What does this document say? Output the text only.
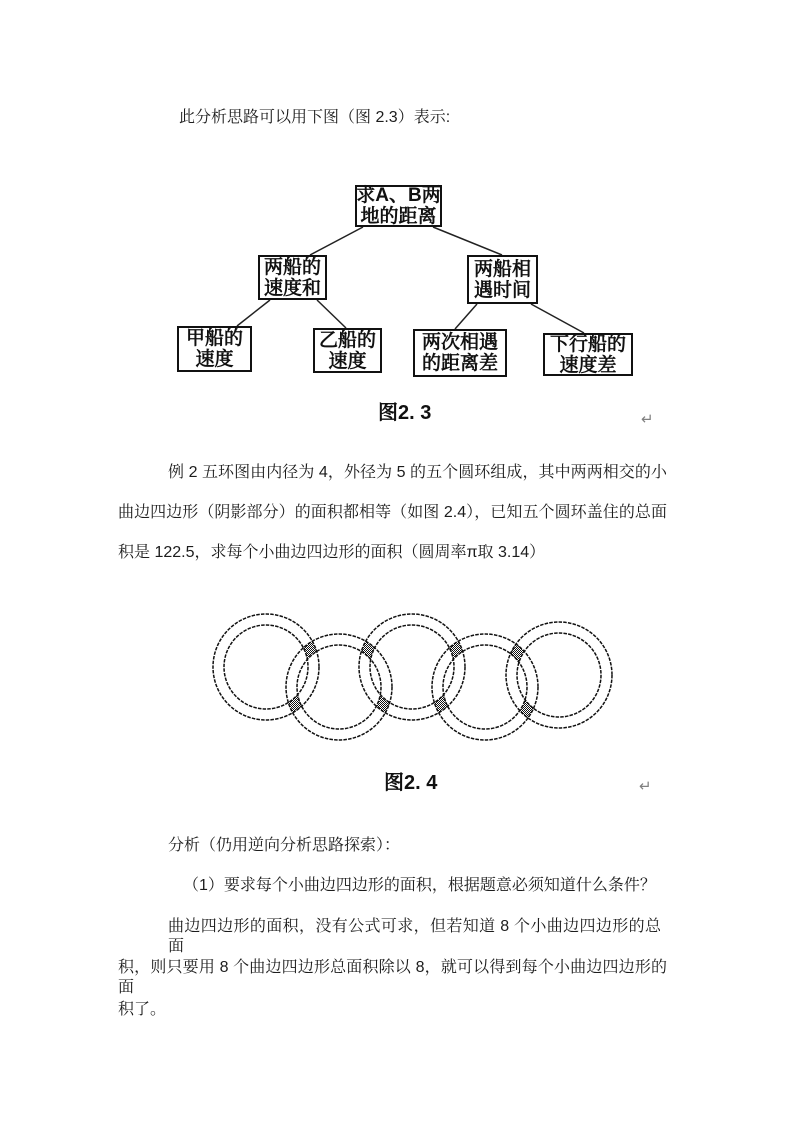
此分析思路可以用下图（图 2.3）表示:
求A、B两
地的距离
两船的
速度和
两船相
遇时间
甲船的
速度
乙船的
速度
两次相遇
的距离差
下行船的
速度差
图2. 3	↵
例 2 五环图由内径为 4，外径为 5 的五个圆环组成，其中两两相交的小
曲边四边形（阴影部分）的面积都相等（如图 2.4），已知五个圆环盖住的总面
积是 122.5，求每个小曲边四边形的面积（圆周率π取 3.14）
图2. 4	↵
分析（仍用逆向分析思路探索）：
（1）要求每个小曲边四边形的面积，根据题意必须知道什么条件？
曲边四边形的面积，没有公式可求，但若知道 8 个小曲边四边形的总面
积，则只要用 8 个曲边四边形总面积除以 8，就可以得到每个小曲边四边形的面
积了。
